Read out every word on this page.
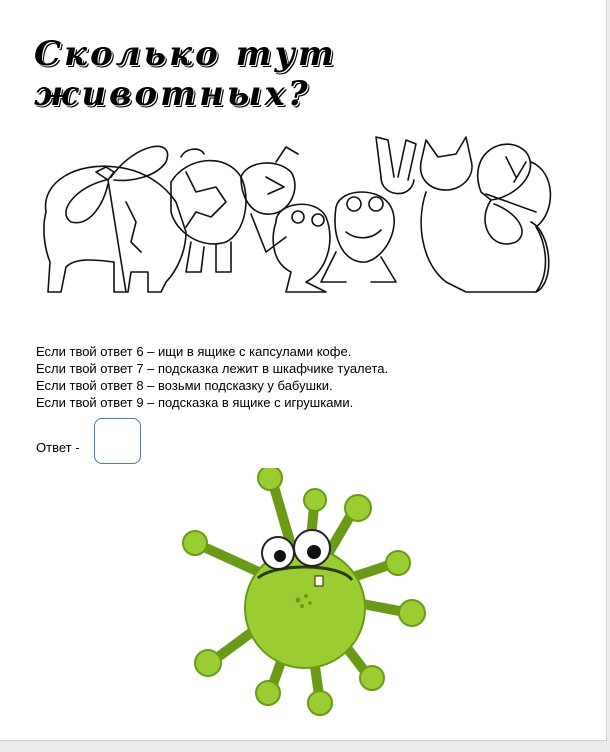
Сколько тут животных?
Если твой ответ 6 – ищи в ящике с капсулами кофе.
Если твой ответ 7 – подсказка лежит в шкафчике туалета.
Если твой ответ 8 – возьми подсказку у бабушки.
Если твой ответ 9 – подсказка в ящике с игрушками.
Ответ -
